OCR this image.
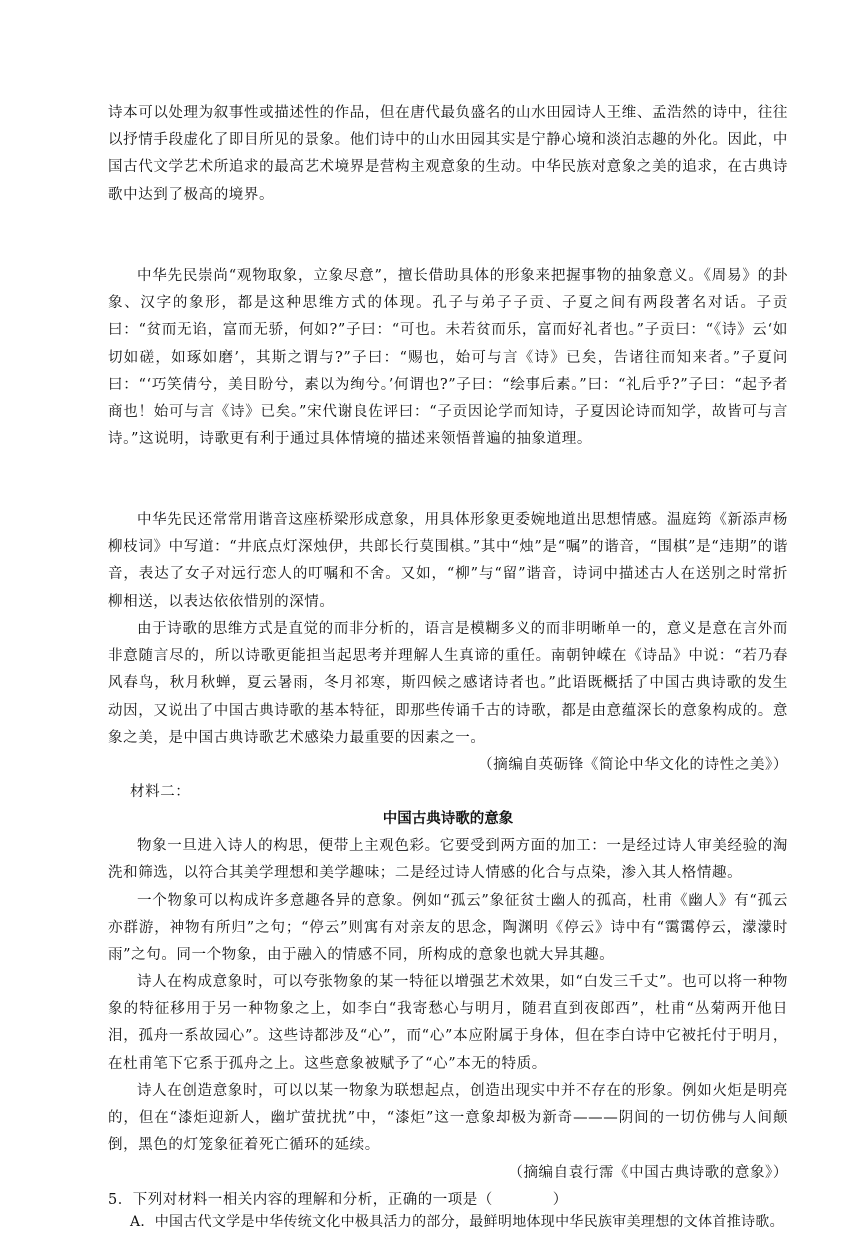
诗本可以处理为叙事性或描述性的作品，但在唐代最负盛名的山水田园诗人王维、孟浩然的诗中，往往以抒情手段虚化了即目所见的景象。他们诗中的山水田园其实是宁静心境和淡泊志趣的外化。因此，中国古代文学艺术所追求的最高艺术境界是营构主观意象的生动。中华民族对意象之美的追求，在古典诗歌中达到了极高的境界。

中华先民崇尚“观物取象，立象尽意”，擅长借助具体的形象来把握事物的抽象意义。《周易》的卦象、汉字的象形，都是这种思维方式的体现。孔子与弟子子贡、子夏之间有两段著名对话。子贡曰：“贫而无谄，富而无骄，何如?”子曰：“可也。未若贫而乐，富而好礼者也。”子贡曰：“《诗》云‘如切如磋，如琢如磨’，其斯之谓与?”子曰：“赐也，始可与言《诗》已矣，告诸往而知来者。”子夏问曰：“‘巧笑倩兮，美目盼兮，素以为绚兮。’何谓也?”子曰：“绘事后素。”曰：“礼后乎?”子曰：“起予者商也！始可与言《诗》已矣。”宋代谢良佐评曰：“子贡因论学而知诗，子夏因论诗而知学，故皆可与言诗。”这说明，诗歌更有利于通过具体情境的描述来领悟普遍的抽象道理。

中华先民还常常用谐音这座桥梁形成意象，用具体形象更委婉地道出思想情感。温庭筠《新添声杨柳枝词》中写道：“井底点灯深烛伊，共郎长行莫围棋。”其中“烛”是“嘱”的谐音，“围棋”是“违期”的谐音，表达了女子对远行恋人的叮嘱和不舍。又如，“柳”与“留”谐音，诗词中描述古人在送别之时常折柳相送，以表达依依惜别的深情。

由于诗歌的思维方式是直觉的而非分析的，语言是模糊多义的而非明晰单一的，意义是意在言外而非意随言尽的，所以诗歌更能担当起思考并理解人生真谛的重任。南朝钟嵘在《诗品》中说：“若乃春风春鸟，秋月秋蝉，夏云暑雨，冬月祁寒，斯四候之感诸诗者也。”此语既概括了中国古典诗歌的发生动因，又说出了中国古典诗歌的基本特征，即那些传诵千古的诗歌，都是由意蕴深长的意象构成的。意象之美，是中国古典诗歌艺术感染力最重要的因素之一。

（摘编自英砺锋《简论中华文化的诗性之美》）

材料二：

中国古典诗歌的意象

物象一旦进入诗人的构思，便带上主观色彩。它要受到两方面的加工：一是经过诗人审美经验的淘洗和筛选，以符合其美学理想和美学趣味；二是经过诗人情感的化合与点染，渗入其人格情趣。

一个物象可以构成许多意趣各异的意象。例如“孤云”象征贫士幽人的孤高，杜甫《幽人》有“孤云亦群游，神物有所归”之句；“停云”则寓有对亲友的思念，陶渊明《停云》诗中有“霭霭停云，濛濛时雨”之句。同一个物象，由于融入的情感不同，所构成的意象也就大异其趣。

诗人在构成意象时，可以夸张物象的某一特征以增强艺术效果，如“白发三千丈”。也可以将一种物象的特征移用于另一种物象之上，如李白“我寄愁心与明月，随君直到夜郎西”，杜甫“丛菊两开他日泪，孤舟一系故园心”。这些诗都涉及“心”，而“心”本应附属于身体，但在李白诗中它被托付于明月，在杜甫笔下它系于孤舟之上。这些意象被赋予了“心”本无的特质。

诗人在创造意象时，可以以某一物象为联想起点，创造出现实中并不存在的形象。例如火炬是明亮的，但在“漆炬迎新人，幽圹萤扰扰”中，“漆炬”这一意象却极为新奇———阴间的一切仿佛与人间颠倒，黑色的灯笼象征着死亡循环的延续。

（摘编自袁行霈《中国古典诗歌的意象》）

5．下列对材料一相关内容的理解和分析，正确的一项是（　　　　）

A．中国古代文学是中华传统文化中极具活力的部分，最鲜明地体现中华民族审美理想的文体首推诗歌。
